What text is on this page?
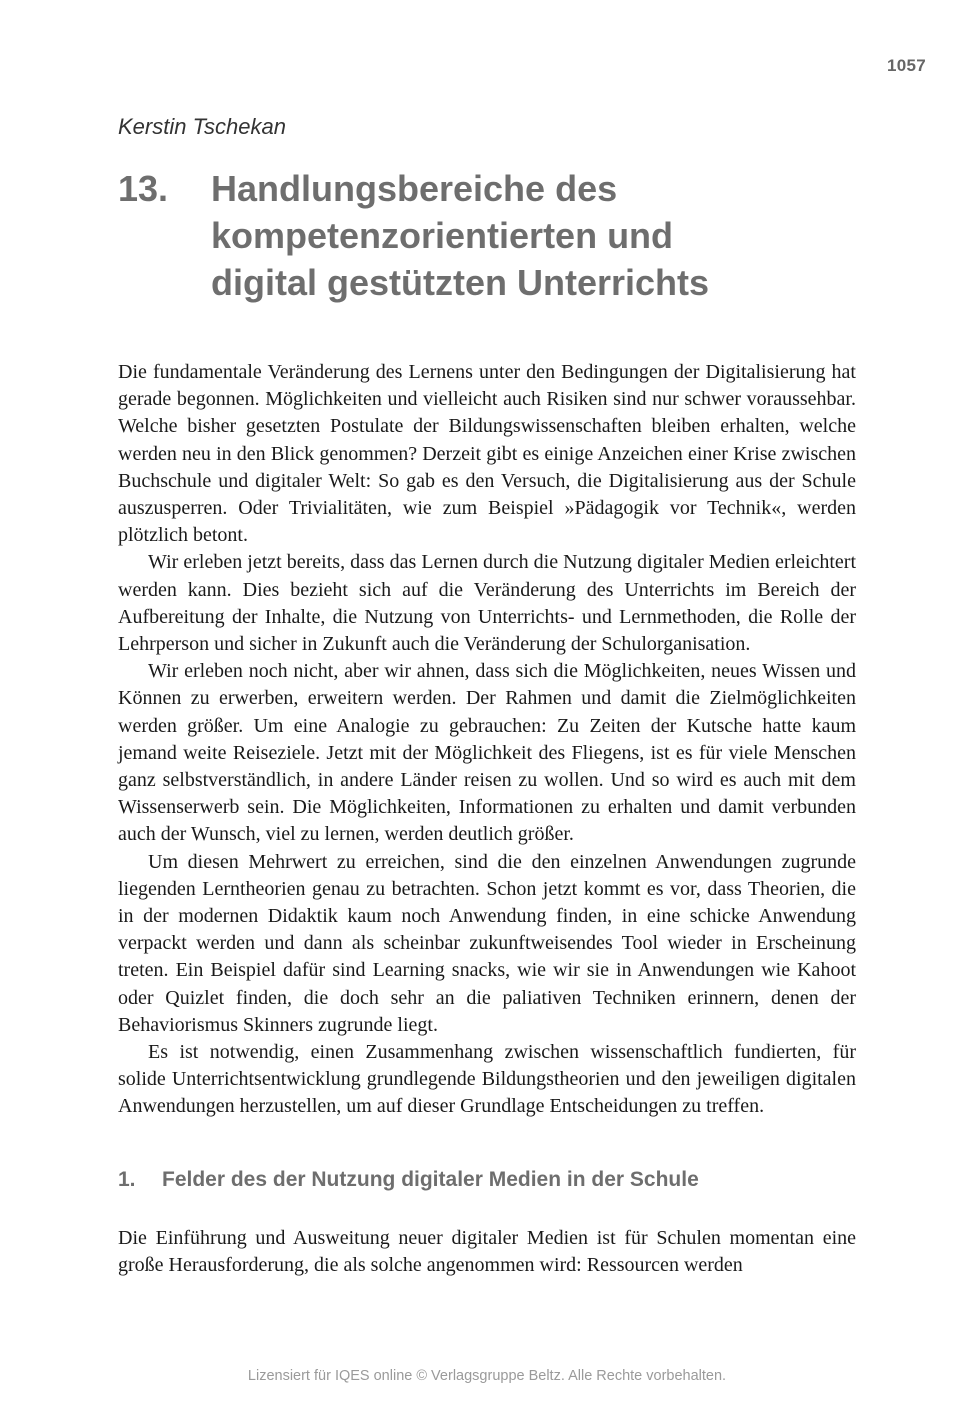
1057
Kerstin Tschekan
13. Handlungsbereiche des
kompetenzorientierten und
digital gestützten Unterrichts

Die fundamentale Veränderung des Lernens unter den Bedingungen der Digitalisierung hat gerade begonnen. Möglichkeiten und vielleicht auch Risiken sind nur schwer voraussehbar. Welche bisher gesetzten Postulate der Bildungswissenschaften bleiben erhalten, welche werden neu in den Blick genommen? Derzeit gibt es einige Anzeichen einer Krise zwischen Buchschule und digitaler Welt: So gab es den Versuch, die Digitalisierung aus der Schule auszusperren. Oder Trivialitäten, wie zum Beispiel »Pädagogik vor Technik«, werden plötzlich betont.

Wir erleben jetzt bereits, dass das Lernen durch die Nutzung digitaler Medien erleichtert werden kann. Dies bezieht sich auf die Veränderung des Unterrichts im Bereich der Aufbereitung der Inhalte, die Nutzung von Unterrichts- und Lernmethoden, die Rolle der Lehrperson und sicher in Zukunft auch die Veränderung der Schulorganisation.

Wir erleben noch nicht, aber wir ahnen, dass sich die Möglichkeiten, neues Wissen und Können zu erwerben, erweitern werden. Der Rahmen und damit die Zielmöglichkeiten werden größer. Um eine Analogie zu gebrauchen: Zu Zeiten der Kutsche hatte kaum jemand weite Reiseziele. Jetzt mit der Möglichkeit des Fliegens, ist es für viele Menschen ganz selbstverständlich, in andere Länder reisen zu wollen. Und so wird es auch mit dem Wissenserwerb sein. Die Möglichkeiten, Informationen zu erhalten und damit verbunden auch der Wunsch, viel zu lernen, werden deutlich größer.

Um diesen Mehrwert zu erreichen, sind die den einzelnen Anwendungen zugrunde liegenden Lerntheorien genau zu betrachten. Schon jetzt kommt es vor, dass Theorien, die in der modernen Didaktik kaum noch Anwendung finden, in eine schicke Anwendung verpackt werden und dann als scheinbar zukunftweisendes Tool wieder in Erscheinung treten. Ein Beispiel dafür sind Learning snacks, wie wir sie in Anwendungen wie Kahoot oder Quizlet finden, die doch sehr an die paliativen Techniken erinnern, denen der Behaviorismus Skinners zugrunde liegt.

Es ist notwendig, einen Zusammenhang zwischen wissenschaftlich fundierten, für solide Unterrichtsentwicklung grundlegende Bildungstheorien und den jeweiligen digitalen Anwendungen herzustellen, um auf dieser Grundlage Entscheidungen zu treffen.

1. Felder des der Nutzung digitaler Medien in der Schule

Die Einführung und Ausweitung neuer digitaler Medien ist für Schulen momentan eine große Herausforderung, die als solche angenommen wird: Ressourcen werden

Lizensiert für IQES online © Verlagsgruppe Beltz. Alle Rechte vorbehalten.
